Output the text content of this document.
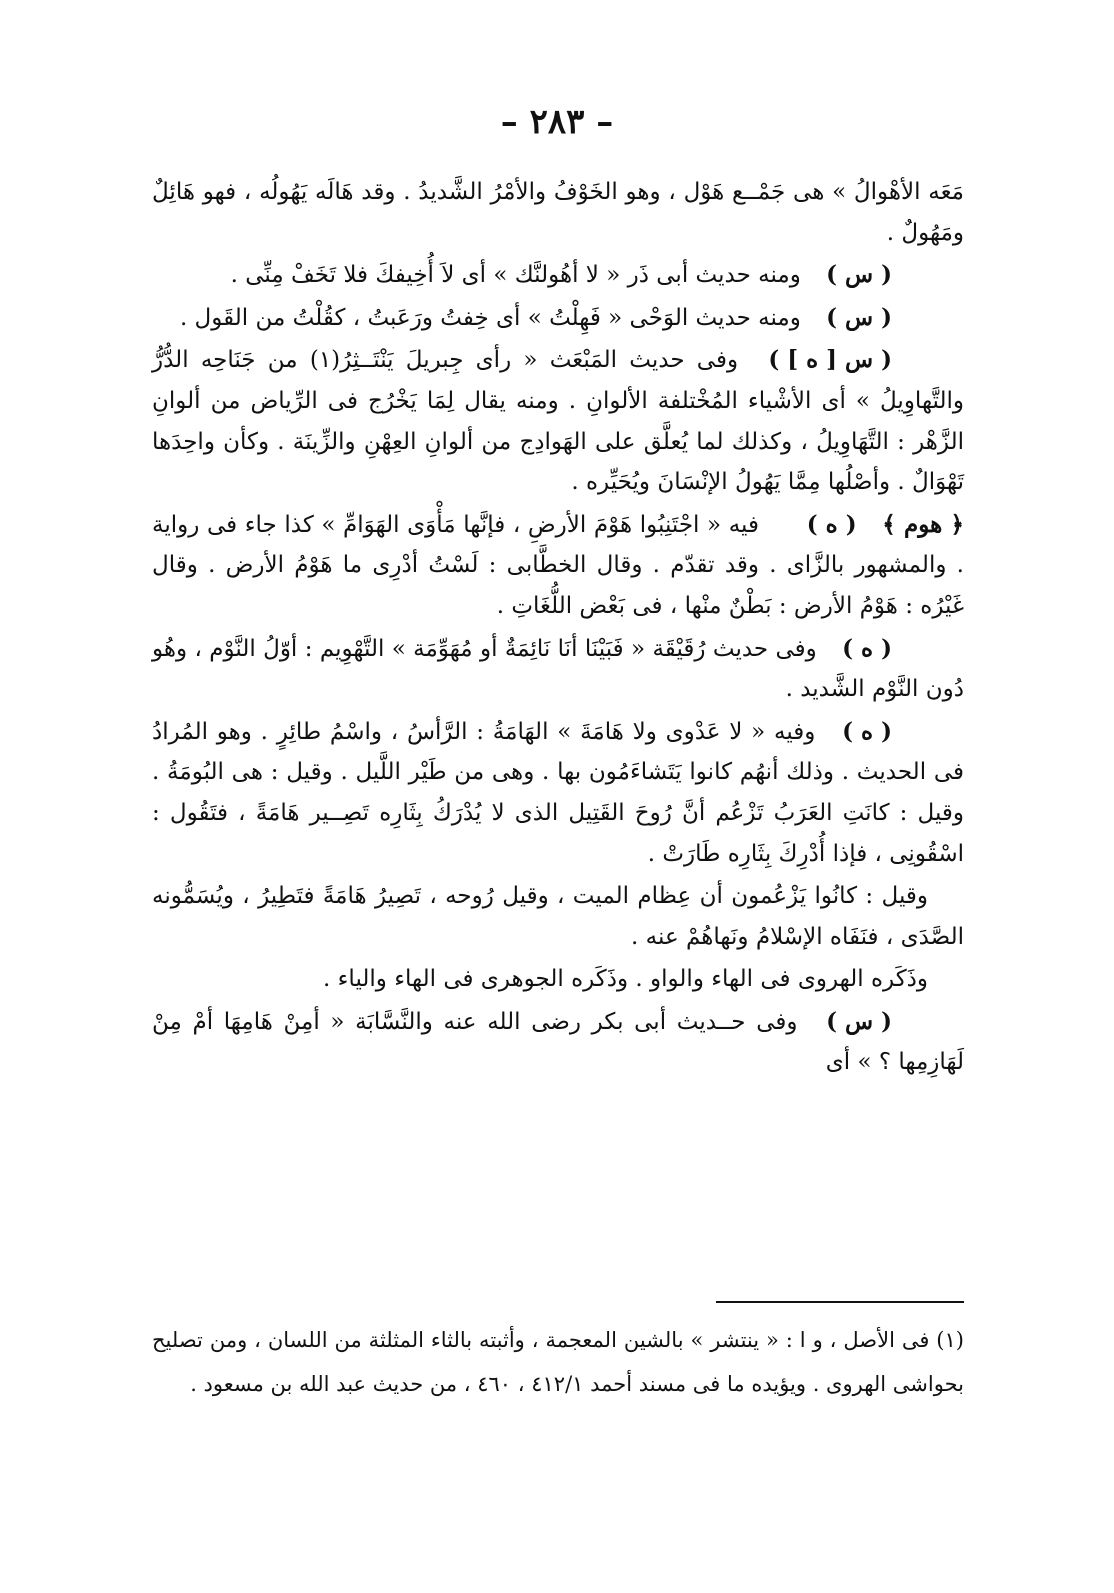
– ٢٨٣ –

مَعَه الأهْوالُ » هى جَمْــع هَوْل ، وهو الخَوْفُ والأمْرُ الشَّديدُ . وقد هَالَه يَهُولُه ، فهو هَائِلٌ ومَهُولٌ .

( س ) ومنه حديث أبى ذَر « لا أهُولنَّك » أى لاَ أُخِيفكَ فلا تَخَفْ مِنِّى .

( س ) ومنه حديث الوَحْى « فَهِلْتُ » أى خِفتُ ورَعَبتُ ، كقُلْتُ من القَول .

( س [ ه ] ) وفى حديث المَبْعَث « رأى جِبريلَ يَنْتَــثِرُ(١) من جَنَاحِه الدُّرُّ والتَّهاوِيلُ » أى الأشْياء المُخْتلفة الألوانِ . ومنه يقال لِمَا يَخْرُج فى الرِّياض من ألوانِ الزَّهْر : التَّهَاوِيلُ ، وكذلك لما يُعلَّق على الهَوادِج من ألوانِ العِهْنِ والزِّينَة . وكأن واحِدَها تَهْوَالٌ . وأصْلُها مِمَّا يَهُولُ الإنْسَانَ ويُحَيِّره .

﴿ هوم ﴾ ( ه ) فيه « اجْتَنِبُوا هَوْمَ الأرضِ ، فإنَّها مَأْوَى الهَوَامِّ » كذا جاء فى رواية . والمشهور بالزَّاى . وقد تقدّم . وقال الخطَّابى : لَسْتُ أدْرِى ما هَوْمُ الأرض . وقال غَيْرُه : هَوْمُ الأرض : بَطْنٌ منْها ، فى بَعْض اللُّغَاتِ .

( ه ) وفى حديث رُقَيْقَة « فَبَيْنَا أنَا نَائِمَةٌ أو مُهَوِّمَة » التَّهْوِيم : أوّلُ النَّوْم ، وهُو دُون النَّوْم الشَّديد .

( ه ) وفيه « لا عَدْوى ولا هَامَةَ » الهَامَةُ : الرَّأسُ ، واسْمُ طائِرٍ . وهو المُرادُ فى الحديث . وذلك أنهُم كانوا يَتَشاءَمُون بها . وهى من طَيْر اللَّيل . وقيل : هى البُومَةُ . وقيل : كانَتِ العَرَبُ تَزْعُم أنَّ رُوحَ القَتِيل الذى لا يُدْرَكُ بِثَارِه تَصِــير هَامَةً ، فتَقُول : اسْقُونِى ، فإذا أُدْرِكَ بِثَارِه طَارَتْ .

وقيل : كانُوا يَزْعُمون أن عِظام الميت ، وقيل رُوحه ، تَصِيرُ هَامَةً فتَطِيرُ ، ويُسَمُّونه الصَّدَى ، فنَفَاه الإسْلامُ ونَهاهُمْ عنه .

وذَكَره الهروى فى الهاء والواو . وذَكَره الجوهرى فى الهاء والياء .

( س ) وفى حــديث أبى بكر رضى الله عنه والنَّسَّابَة « أمِنْ هَامِهَا أمْ مِنْ لَهَازِمِها ؟ » أى

(١) فى الأصل ، و ا : « ينتشر » بالشين المعجمة ، وأثبته بالثاء المثلثة من اللسان ، ومن تصليح بحواشى الهروى . ويؤيده ما فى مسند أحمد ٤١٢/١ ، ٤٦٠ ، من حديث عبد الله بن مسعود .
